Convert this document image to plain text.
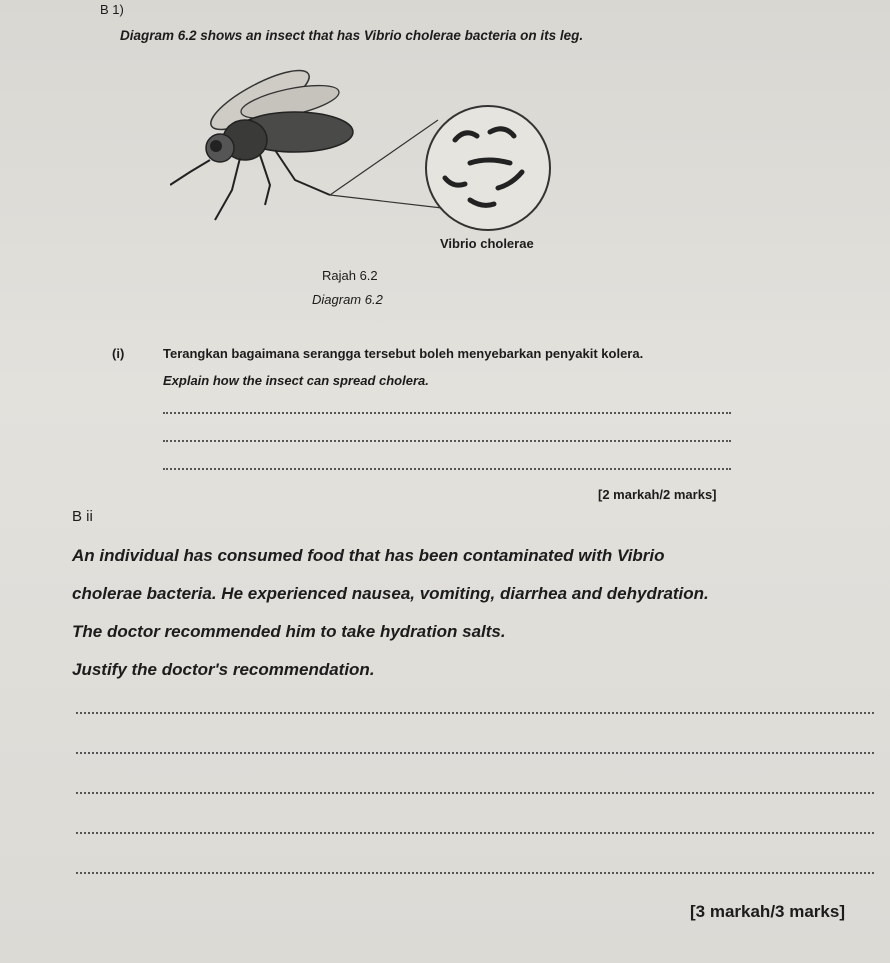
B 1)
Diagram 6.2 shows an insect that has Vibrio cholerae bacteria on its leg.
Vibrio cholerae
Rajah 6.2
Diagram 6.2
(i)	Terangkan bagaimana serangga tersebut boleh menyebarkan penyakit kolera.
Explain how the insect can spread cholera.
[2 markah/2 marks]
B ii
An individual has consumed food that has been contaminated with Vibrio
cholerae bacteria. He experienced nausea, vomiting, diarrhea and dehydration.
The doctor recommended him to take hydration salts.
Justify the doctor's recommendation.
[3 markah/3 marks]
